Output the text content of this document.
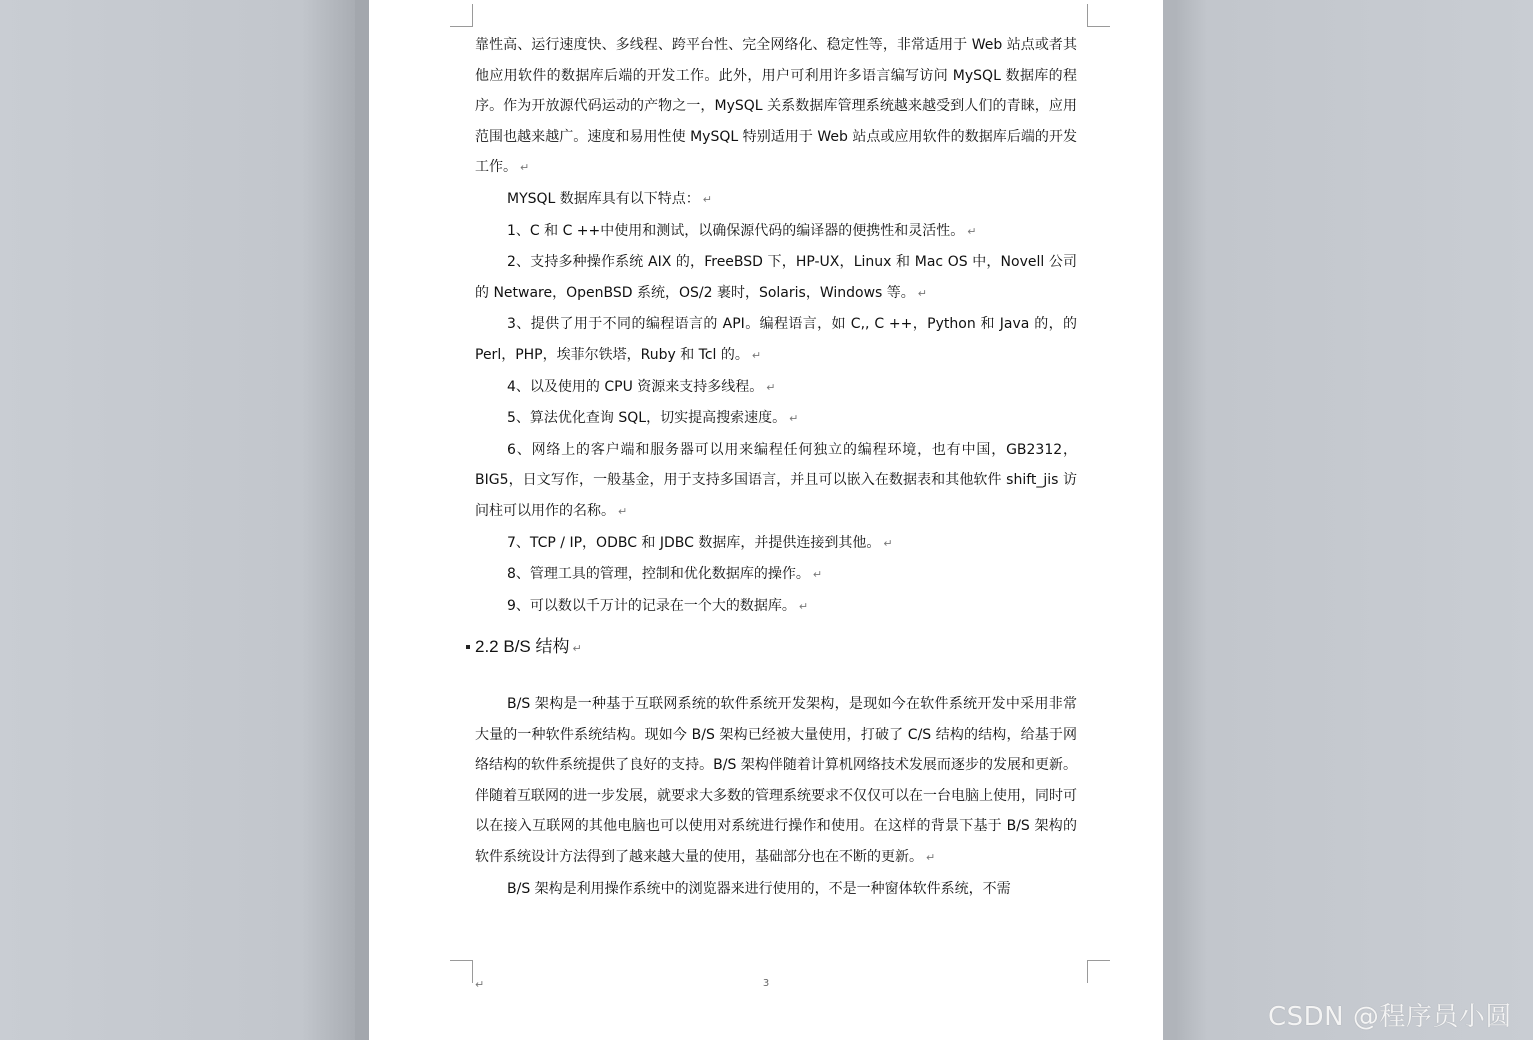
靠性高、运行速度快、多线程、跨平台性、完全网络化、稳定性等，非常适用于 Web 站点或者其他应用软件的数据库后端的开发工作。此外，用户可利用许多语言编写访问 MySQL 数据库的程序。作为开放源代码运动的产物之一，MySQL 关系数据库管理系统越来越受到人们的青睐，应用范围也越来越广。速度和易用性使 MySQL 特别适用于 Web 站点或应用软件的数据库后端的开发工作。 ↵

MYSQL 数据库具有以下特点： ↵

1、C 和 C ++中使用和测试，以确保源代码的编译器的便携性和灵活性。 ↵

2、支持多种操作系统 AIX 的，FreeBSD 下，HP-UX，Linux 和 Mac OS 中，Novell 公司的 Netware，OpenBSD 系统，OS/2 裹时，Solaris，Windows 等。 ↵

3、提供了用于不同的编程语言的 API。编程语言，如 C,, C ++，Python 和 Java 的，的 Perl，PHP，埃菲尔铁塔，Ruby 和 Tcl 的。 ↵

4、以及使用的 CPU 资源来支持多线程。 ↵

5、算法优化查询 SQL，切实提高搜索速度。 ↵

6、网络上的客户端和服务器可以用来编程任何独立的编程环境，也有中国，GB2312，BIG5，日文写作，一般基金，用于支持多国语言，并且可以嵌入在数据表和其他软件 shift_jis 访问柱可以用作的名称。 ↵

7、TCP / IP，ODBC 和 JDBC 数据库，并提供连接到其他。 ↵

8、管理工具的管理，控制和优化数据库的操作。 ↵

9、可以数以千万计的记录在一个大的数据库。 ↵

2.2 B/S 结构 ↵

B/S 架构是一种基于互联网系统的软件系统开发架构，是现如今在软件系统开发中采用非常大量的一种软件系统结构。现如今 B/S 架构已经被大量使用，打破了 C/S 结构的结构，给基于网络结构的软件系统提供了良好的支持。B/S 架构伴随着计算机网络技术发展而逐步的发展和更新。伴随着互联网的进一步发展，就要求大多数的管理系统要求不仅仅可以在一台电脑上使用，同时可以在接入互联网的其他电脑也可以使用对系统进行操作和使用。在这样的背景下基于 B/S 架构的软件系统设计方法得到了越来越大量的使用，基础部分也在不断的更新。 ↵

B/S 架构是利用操作系统中的浏览器来进行使用的，不是一种窗体软件系统，不需

↵	3
CSDN @程序员小圆
